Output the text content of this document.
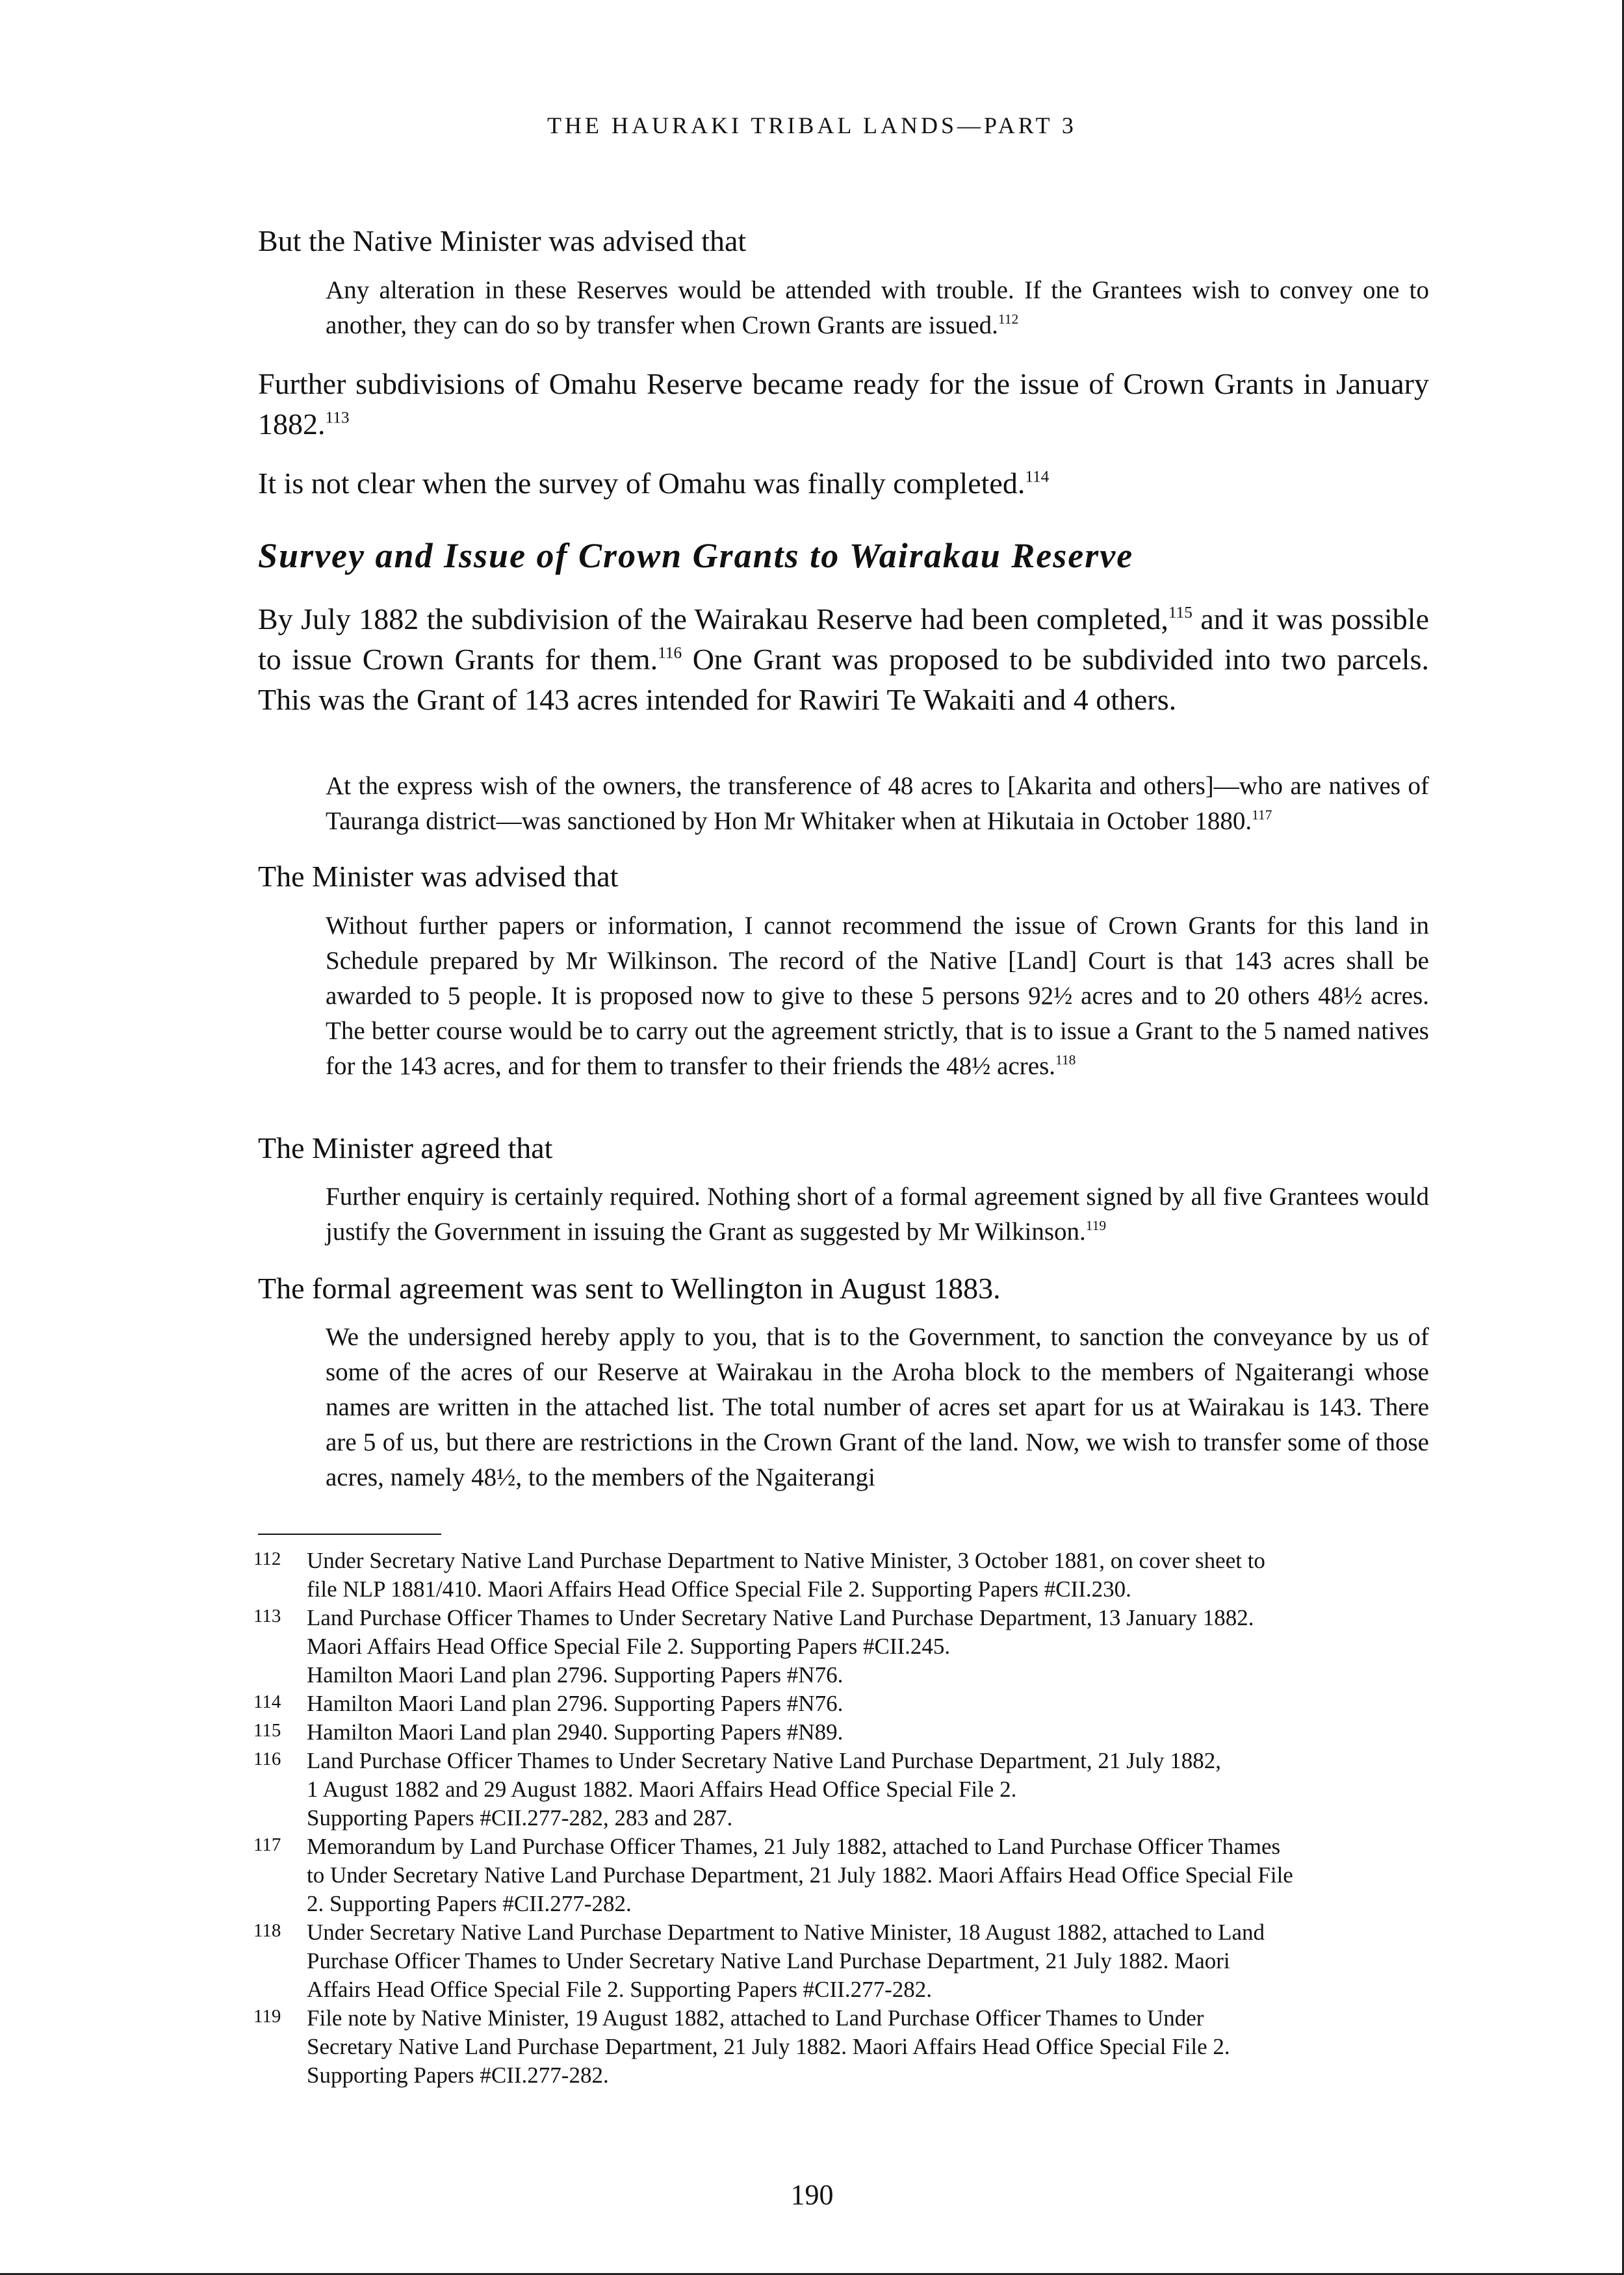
THE HAURAKI TRIBAL LANDS—PART 3

But the Native Minister was advised that

Any alteration in these Reserves would be attended with trouble. If the Grantees wish to convey one to another, they can do so by transfer when Crown Grants are issued.$^{112}$

Further subdivisions of Omahu Reserve became ready for the issue of Crown Grants in January 1882.$^{113}$

It is not clear when the survey of Omahu was finally completed.$^{114}$

Survey and Issue of Crown Grants to Wairakau Reserve

By July 1882 the subdivision of the Wairakau Reserve had been completed,$^{115}$ and it was possible to issue Crown Grants for them.$^{116}$ One Grant was proposed to be subdivided into two parcels. This was the Grant of 143 acres intended for Rawiri Te Wakaiti and 4 others.

At the express wish of the owners, the transference of 48 acres to [Akarita and others]—who are natives of Tauranga district—was sanctioned by Hon Mr Whitaker when at Hikutaia in October 1880.$^{117}$

The Minister was advised that

Without further papers or information, I cannot recommend the issue of Crown Grants for this land in Schedule prepared by Mr Wilkinson. The record of the Native [Land] Court is that 143 acres shall be awarded to 5 people. It is proposed now to give to these 5 persons 92½ acres and to 20 others 48½ acres. The better course would be to carry out the agreement strictly, that is to issue a Grant to the 5 named natives for the 143 acres, and for them to transfer to their friends the 48½ acres.$^{118}$

The Minister agreed that

Further enquiry is certainly required. Nothing short of a formal agreement signed by all five Grantees would justify the Government in issuing the Grant as suggested by Mr Wilkinson.$^{119}$

The formal agreement was sent to Wellington in August 1883.

We the undersigned hereby apply to you, that is to the Government, to sanction the conveyance by us of some of the acres of our Reserve at Wairakau in the Aroha block to the members of Ngaiterangi whose names are written in the attached list. The total number of acres set apart for us at Wairakau is 143. There are 5 of us, but there are restrictions in the Crown Grant of the land. Now, we wish to transfer some of those acres, namely 48½, to the members of the Ngaiterangi

112	Under Secretary Native Land Purchase Department to Native Minister, 3 October 1881, on cover sheet to
file NLP 1881/410. Maori Affairs Head Office Special File 2. Supporting Papers #CII.230.
113	Land Purchase Officer Thames to Under Secretary Native Land Purchase Department, 13 January 1882.
Maori Affairs Head Office Special File 2. Supporting Papers #CII.245.
Hamilton Maori Land plan 2796. Supporting Papers #N76.
114	Hamilton Maori Land plan 2796. Supporting Papers #N76.
115	Hamilton Maori Land plan 2940. Supporting Papers #N89.
116	Land Purchase Officer Thames to Under Secretary Native Land Purchase Department, 21 July 1882,
1 August 1882 and 29 August 1882. Maori Affairs Head Office Special File 2.
Supporting Papers #CII.277-282, 283 and 287.
117	Memorandum by Land Purchase Officer Thames, 21 July 1882, attached to Land Purchase Officer Thames
to Under Secretary Native Land Purchase Department, 21 July 1882. Maori Affairs Head Office Special File
2. Supporting Papers #CII.277-282.
118	Under Secretary Native Land Purchase Department to Native Minister, 18 August 1882, attached to Land
Purchase Officer Thames to Under Secretary Native Land Purchase Department, 21 July 1882. Maori
Affairs Head Office Special File 2. Supporting Papers #CII.277-282.
119	File note by Native Minister, 19 August 1882, attached to Land Purchase Officer Thames to Under
Secretary Native Land Purchase Department, 21 July 1882. Maori Affairs Head Office Special File 2.
Supporting Papers #CII.277-282.
190
